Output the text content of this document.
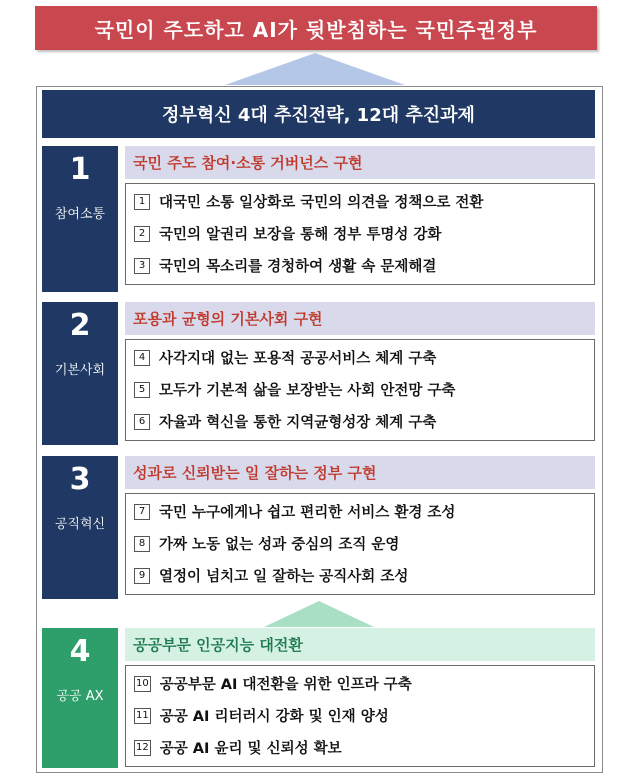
국민이 주도하고 AI가 뒷받침하는 국민주권정부
정부혁신 4대 추진전략, 12대 추진과제
1
참여소통
국민 주도 참여·소통 거버넌스 구현
1 대국민 소통 일상화로 국민의 의견을 정책으로 전환
2 국민의 알권리 보장을 통해 정부 투명성 강화
3 국민의 목소리를 경청하여 생활 속 문제해결
2
기본사회
포용과 균형의 기본사회 구현
4 사각지대 없는 포용적 공공서비스 체계 구축
5 모두가 기본적 삶을 보장받는 사회 안전망 구축
6 자율과 혁신을 통한 지역균형성장 체계 구축
3
공직혁신
성과로 신뢰받는 일 잘하는 정부 구현
7 국민 누구에게나 쉽고 편리한 서비스 환경 조성
8 가짜 노동 없는 성과 중심의 조직 운영
9 열정이 넘치고 일 잘하는 공직사회 조성
4
공공 AX
공공부문 인공지능 대전환
10 공공부문 AI 대전환을 위한 인프라 구축
11 공공 AI 리터러시 강화 및 인재 양성
12 공공 AI 윤리 및 신뢰성 확보
